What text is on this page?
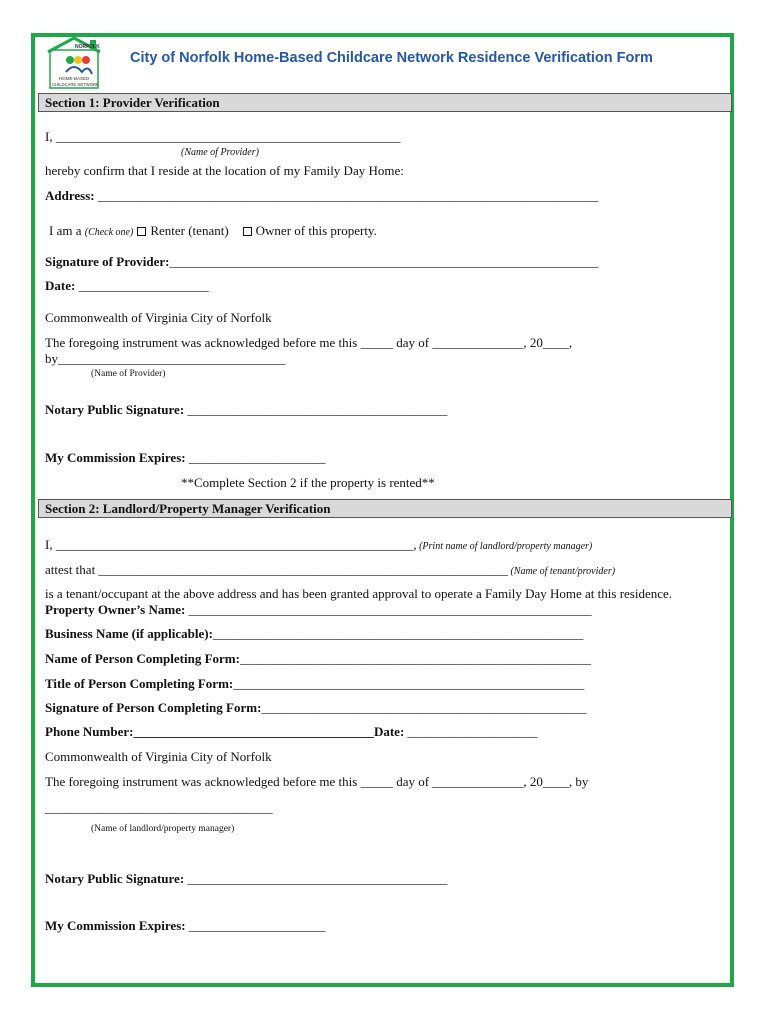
NORFOLK
HOME-BASED
CHILDCARE NETWORK
City of Norfolk Home-Based Childcare Network Residence Verification Form
Section 1: Provider Verification
I, _____________________________________________________
(Name of Provider)
hereby confirm that I reside at the location of my Family Day Home:
Address: _____________________________________________________________________________
I am a (Check one) Renter (tenant) Owner of this property.
Signature of Provider:__________________________________________________________________
Date: ____________________
Commonwealth of Virginia City of Norfolk
The foregoing instrument was acknowledged before me this _____ day of ______________, 20____,
by___________________________________
(Name of Provider)
Notary Public Signature: ________________________________________
My Commission Expires: _____________________
**Complete Section 2 if the property is rented**
Section 2: Landlord/Property Manager Verification
I, _______________________________________________________, (Print name of landlord/property manager)
attest that _______________________________________________________________ (Name of tenant/provider)
is a tenant/occupant at the above address and has been granted approval to operate a Family Day Home at this residence.
Property Owner’s Name: ______________________________________________________________
Business Name (if applicable):_________________________________________________________
Name of Person Completing Form:______________________________________________________
Title of Person Completing Form:______________________________________________________
Signature of Person Completing Form:__________________________________________________
Phone Number:_____________________________________Date: ____________________
Commonwealth of Virginia City of Norfolk
The foregoing instrument was acknowledged before me this _____ day of ______________, 20____, by
___________________________________
(Name of landlord/property manager)
Notary Public Signature: ________________________________________
My Commission Expires: _____________________
